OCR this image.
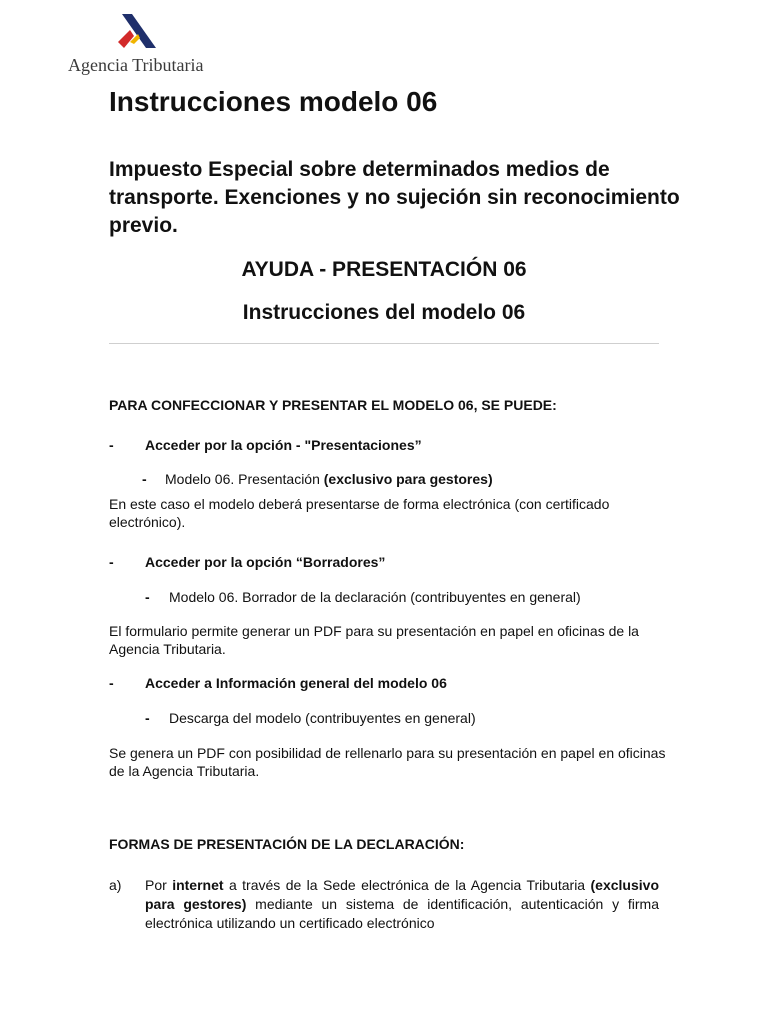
Agencia Tributaria
Instrucciones modelo 06
Impuesto Especial sobre determinados medios de transporte. Exenciones y no sujeción sin reconocimiento previo.
AYUDA - PRESENTACIÓN 06
Instrucciones del modelo 06
PARA CONFECCIONAR Y PRESENTAR EL MODELO 06, SE PUEDE:
- Acceder por la opción - "Presentaciones”
- Modelo 06. Presentación (exclusivo para gestores)

En este caso el modelo deberá presentarse de forma electrónica (con certificado electrónico).

- Acceder por la opción “Borradores”
- Modelo 06. Borrador de la declaración (contribuyentes en general)

El formulario permite generar un PDF para su presentación en papel en oficinas de la Agencia Tributaria.

- Acceder a Información general del modelo 06
- Descarga del modelo (contribuyentes en general)

Se genera un PDF con posibilidad de rellenarlo para su presentación en papel en oficinas de la Agencia Tributaria.

FORMAS DE PRESENTACIÓN DE LA DECLARACIÓN:
a) Por internet a través de la Sede electrónica de la Agencia Tributaria (exclusivo para gestores) mediante un sistema de identificación, autenticación y firma electrónica utilizando un certificado electrónico
